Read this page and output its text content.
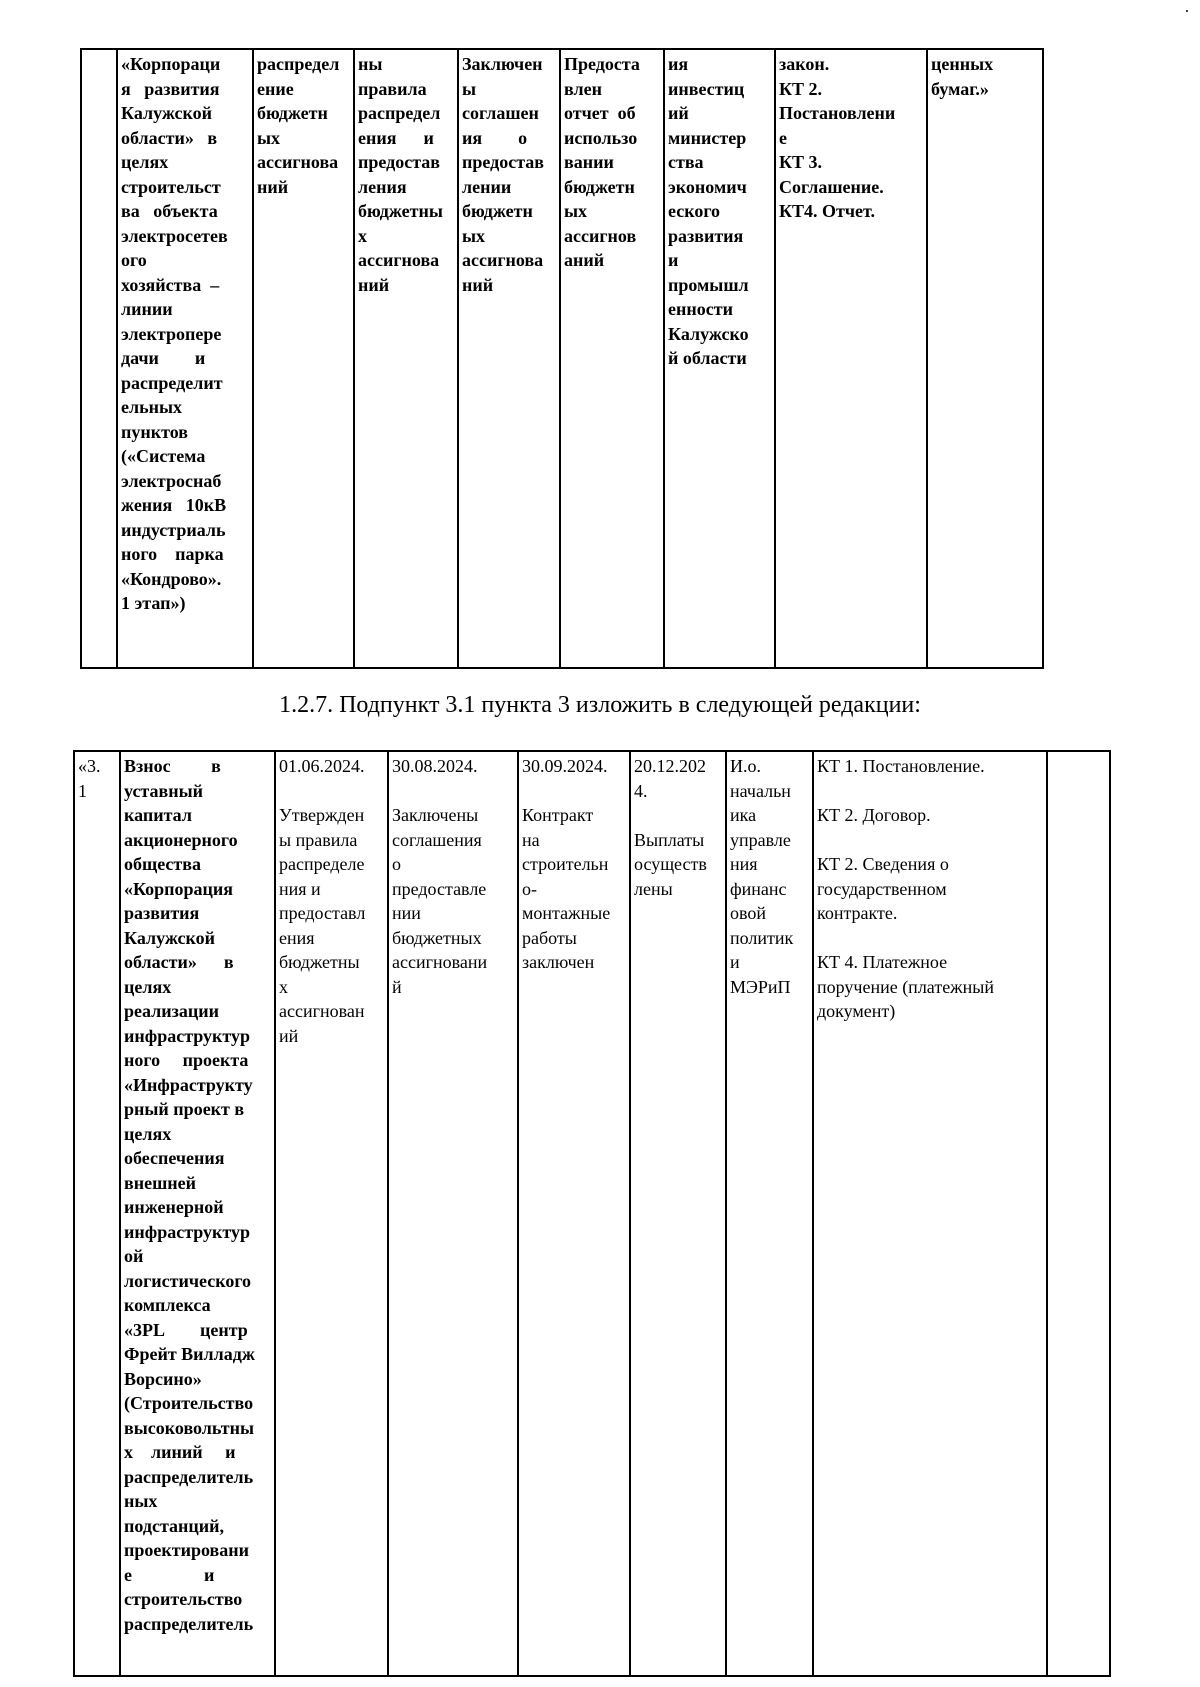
	«Корпораци
я   развития
Калужской
области»   в
целях
строительст
ва   объекта
электросетев
ого
хозяйства  –
линии
электропере
дачи        и
распределит
ельных
пунктов
(«Система
электроснаб
жения   10кВ
индустриаль
ного    парка
«Кондрово».
1 этап»)	распредел
ение
бюджетн
ых
ассигнова
ний	ны
правила
распредел
ения      и
предостав
ления
бюджетны
х
ассигнова
ний	Заключен
ы
соглашен
ия        о
предостав
лении
бюджетн
ых
ассигнова
ний	Предоста
влен
отчет  об
использо
вании
бюджетн
ых
ассигнов
аний	ия
инвестиц
ий
министер
ства
экономич
еского
развития
и
промышл
енности
Калужско
й области	закон.
КТ 2.
Постановлени
е
КТ 3.
Соглашение.
КТ4. Отчет.	ценных
бумаг.»
1.2.7. Подпункт 3.1 пункта 3 изложить в следующей редакции:
«3.
1	Взнос         в
уставный
капитал
акционерного
общества
«Корпорация
развития
Калужской
области»      в
целях
реализации
инфраструктур
ного     проекта
«Инфраструкту
рный проект в
целях
обеспечения
внешней
инженерной
инфраструктур
ой
логистического
комплекса
«3PL        центр
Фрейт Вилладж
Ворсино»
(Строительство
высоковольтны
х    линий     и
распределитель
ных
подстанций,
проектировани
е                и
строительство
распределитель	01.06.2024.

Утвержден
ы правила
распределе
ния и
предоставл
ения
бюджетны
х
ассигнован
ий	30.08.2024.

Заключены
соглашения
о
предоставле
нии
бюджетных
ассигновани
й	30.09.2024.

Контракт
на
строительн
о-
монтажные
работы
заключен	20.12.202
4.

Выплаты
осуществ
лены	И.о.
начальн
ика
управле
ния
финанс
овой
политик
и
МЭРиП	КТ 1. Постановление.

КТ 2. Договор.

КТ 2. Сведения о
государственном
контракте.

КТ 4. Платежное
поручение (платежный
документ)	
